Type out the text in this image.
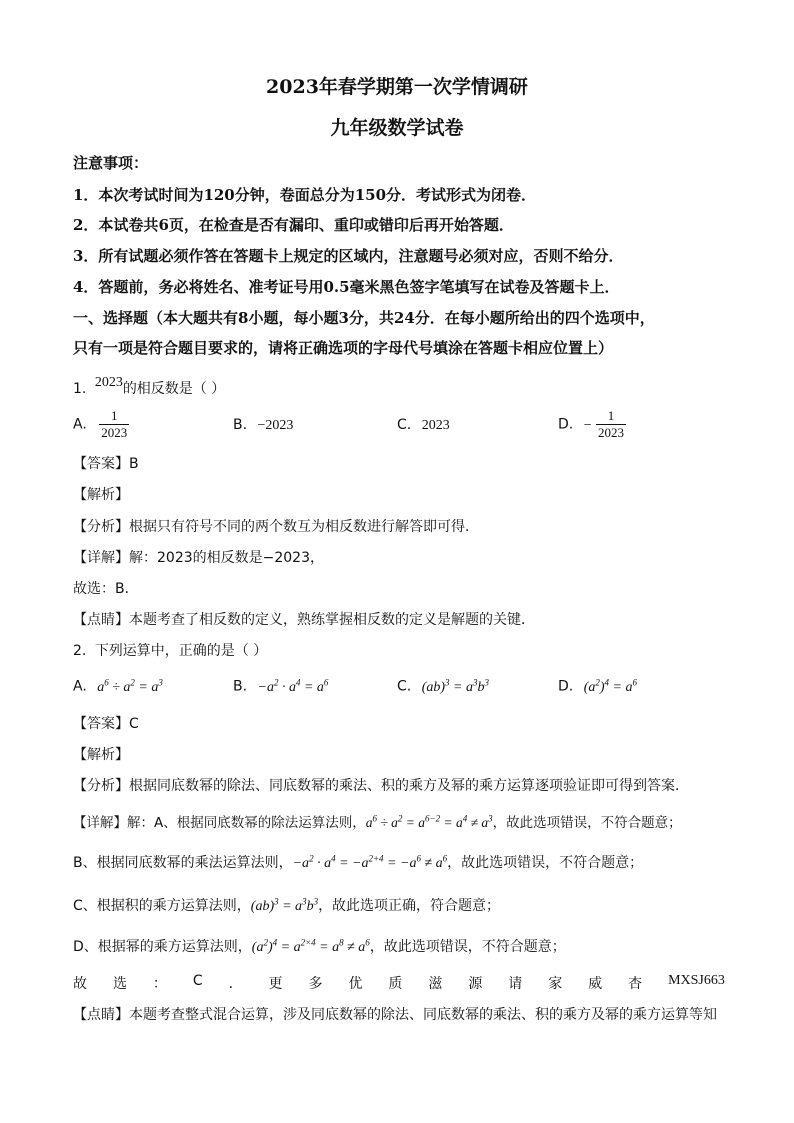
2023年春学期第一次学情调研
九年级数学试卷
注意事项：
1．本次考试时间为120分钟，卷面总分为150分．考试形式为闭卷．
2．本试卷共6页，在检查是否有漏印、重印或错印后再开始答题．
3．所有试题必须作答在答题卡上规定的区域内，注意题号必须对应，否则不给分．
4．答题前，务必将姓名、准考证号用0.5毫米黑色签字笔填写在试卷及答题卡上．
一、选择题（本大题共有8小题，每小题3分，共24分．在每小题所给出的四个选项中，
只有一项是符合题目要求的，请将正确选项的字母代号填涂在答题卡相应位置上）
1. 2023的相反数是（ ）
A. $\frac{1}{2023}$	B. −2023	C. 2023	D. − $\frac{1}{2023}$
【答案】B
【解析】
【分析】根据只有符号不同的两个数互为相反数进行解答即可得．
【详解】解：2023的相反数是−2023，
故选：B．
【点睛】本题考查了相反数的定义，熟练掌握相反数的定义是解题的关键．
2. 下列运算中，正确的是（ ）
A. $a^6 \div a^2 = a^3$	B. $-a^2 \cdot a^4 = a^6$	C. $(ab)^3 = a^3b^3$	D. $(a^2)^4 = a^6$
【答案】C
【解析】
【分析】根据同底数幂的除法、同底数幂的乘法、积的乘方及幂的乘方运算逐项验证即可得到答案．
【详解】解：A、根据同底数幂的除法运算法则，$a^6 \div a^2 = a^{6-2} = a^4 \ne a^3$，故此选项错误，不符合题意；
B、根据同底数幂的乘法运算法则，$-a^2 \cdot a^4 = -a^{2+4} = -a^6 \ne a^6$，故此选项错误，不符合题意；
C、根据积的乘方运算法则，$(ab)^3 = a^3b^3$，故此选项正确，符合题意；
D、根据幂的乘方运算法则，$(a^2)^4 = a^{2\times 4} = a^8 \ne a^6$，故此选项错误，不符合题意；
故 选 ： C ． 更 多 优 质 滋 源 请 家 威 杏 MXSJ663
【点睛】本题考查整式混合运算，涉及同底数幂的除法、同底数幂的乘法、积的乘方及幂的乘方运算等知
